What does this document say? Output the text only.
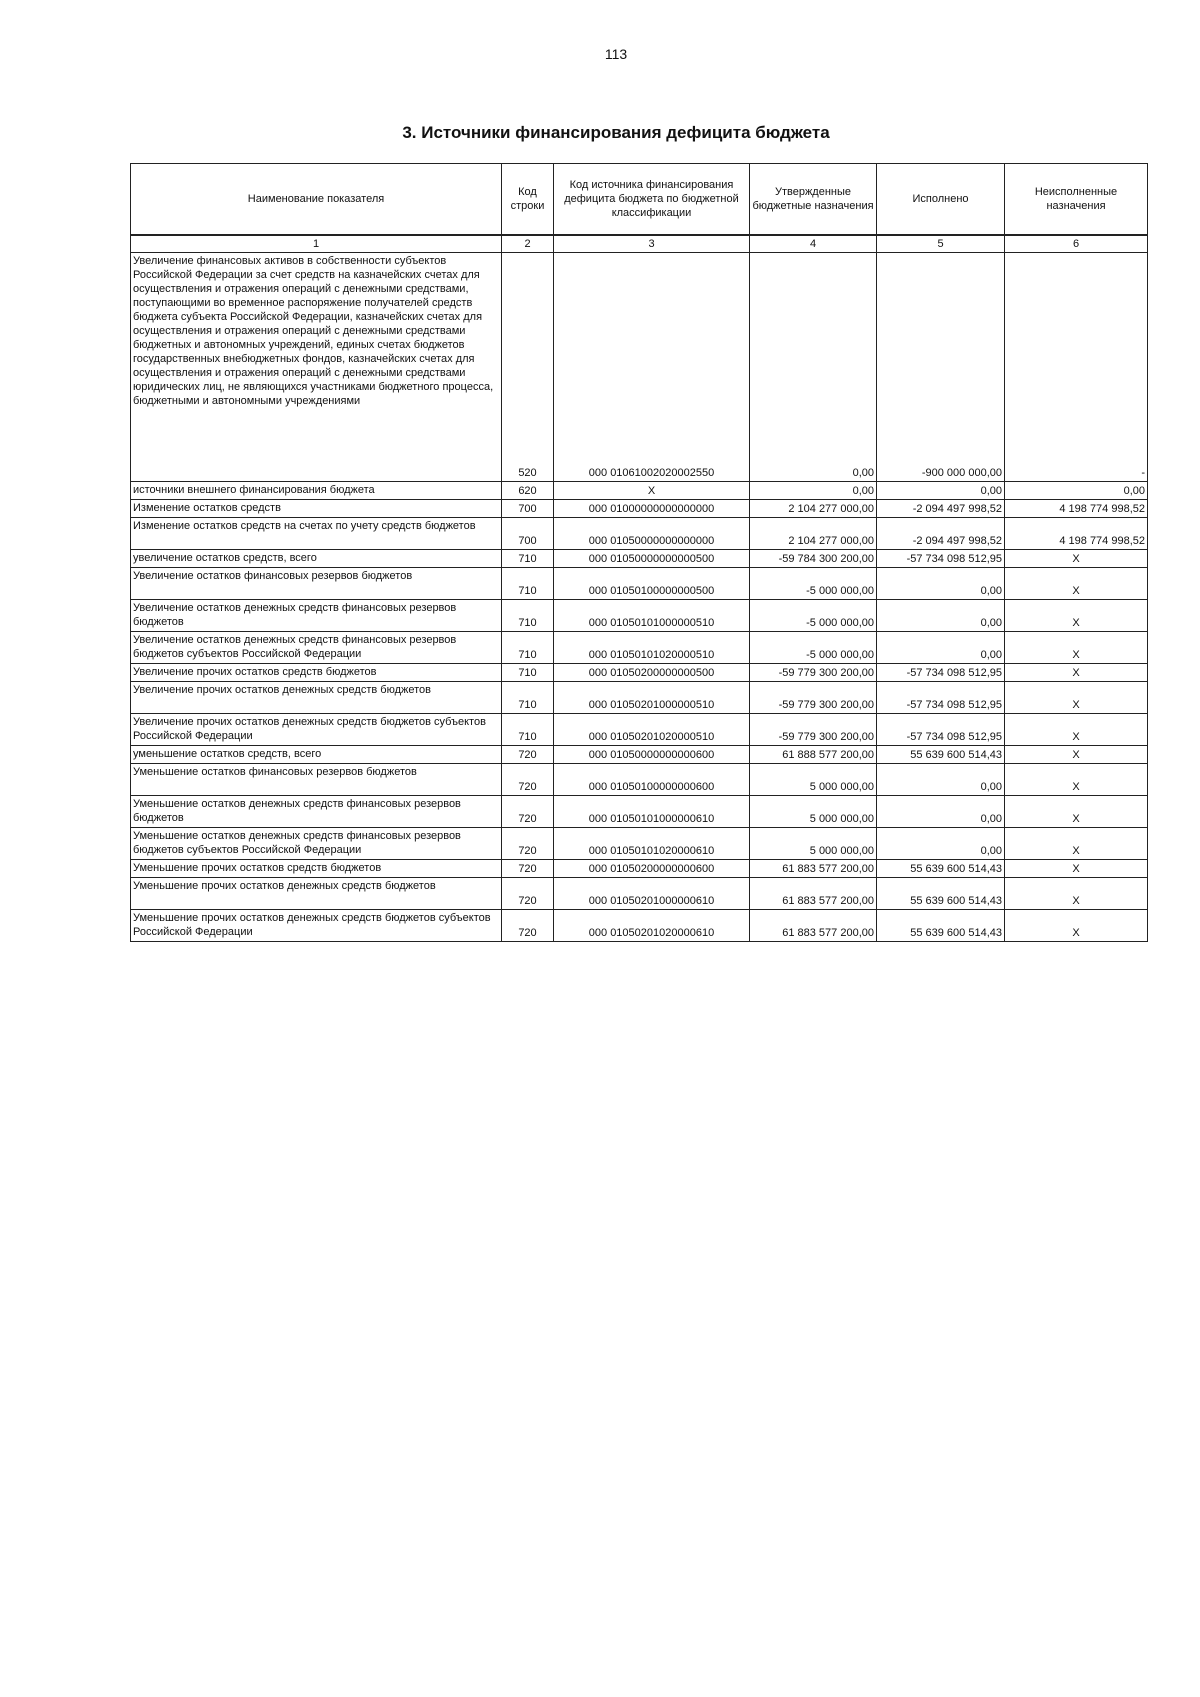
113
3. Источники финансирования дефицита бюджета
Наименование показателя	Код строки	Код источника финансирования дефицита бюджета по бюджетной классификации	Утвержденные бюджетные назначения	Исполнено	Неисполненные назначения
1	2	3	4	5	6
Увеличение финансовых активов в собственности субъектов Российской Федерации за счет средств на казначейских счетах для осуществления и отражения операций с денежными средствами, поступающими во временное распоряжение получателей средств бюджета субъекта Российской Федерации, казначейских счетах для осуществления и отражения операций с денежными средствами бюджетных и автономных учреждений, единых счетах бюджетов государственных внебюджетных фондов, казначейских счетах для осуществления и отражения операций с денежными средствами юридических лиц, не являющихся участниками бюджетного процесса, бюджетными и автономными учреждениями	520	000 01061002020002550	0,00	-900 000 000,00	-
источники внешнего финансирования бюджета	620	X	0,00	0,00	0,00
Изменение остатков средств	700	000 01000000000000000	2 104 277 000,00	-2 094 497 998,52	4 198 774 998,52
Изменение остатков средств на счетах по учету средств бюджетов	700	000 01050000000000000	2 104 277 000,00	-2 094 497 998,52	4 198 774 998,52
увеличение остатков средств, всего	710	000 01050000000000500	-59 784 300 200,00	-57 734 098 512,95	X
Увеличение остатков финансовых резервов бюджетов	710	000 01050100000000500	-5 000 000,00	0,00	X
Увеличение остатков денежных средств финансовых резервов бюджетов	710	000 01050101000000510	-5 000 000,00	0,00	X
Увеличение остатков денежных средств финансовых резервов бюджетов субъектов Российской Федерации	710	000 01050101020000510	-5 000 000,00	0,00	X
Увеличение прочих остатков средств бюджетов	710	000 01050200000000500	-59 779 300 200,00	-57 734 098 512,95	X
Увеличение прочих остатков денежных средств бюджетов	710	000 01050201000000510	-59 779 300 200,00	-57 734 098 512,95	X
Увеличение прочих остатков денежных средств бюджетов субъектов Российской Федерации	710	000 01050201020000510	-59 779 300 200,00	-57 734 098 512,95	X
уменьшение остатков средств, всего	720	000 01050000000000600	61 888 577 200,00	55 639 600 514,43	X
Уменьшение остатков финансовых резервов бюджетов	720	000 01050100000000600	5 000 000,00	0,00	X
Уменьшение остатков денежных средств финансовых резервов бюджетов	720	000 01050101000000610	5 000 000,00	0,00	X
Уменьшение остатков денежных средств финансовых резервов бюджетов субъектов Российской Федерации	720	000 01050101020000610	5 000 000,00	0,00	X
Уменьшение прочих остатков средств бюджетов	720	000 01050200000000600	61 883 577 200,00	55 639 600 514,43	X
Уменьшение прочих остатков денежных средств бюджетов	720	000 01050201000000610	61 883 577 200,00	55 639 600 514,43	X
Уменьшение прочих остатков денежных средств бюджетов субъектов Российской Федерации	720	000 01050201020000610	61 883 577 200,00	55 639 600 514,43	X
